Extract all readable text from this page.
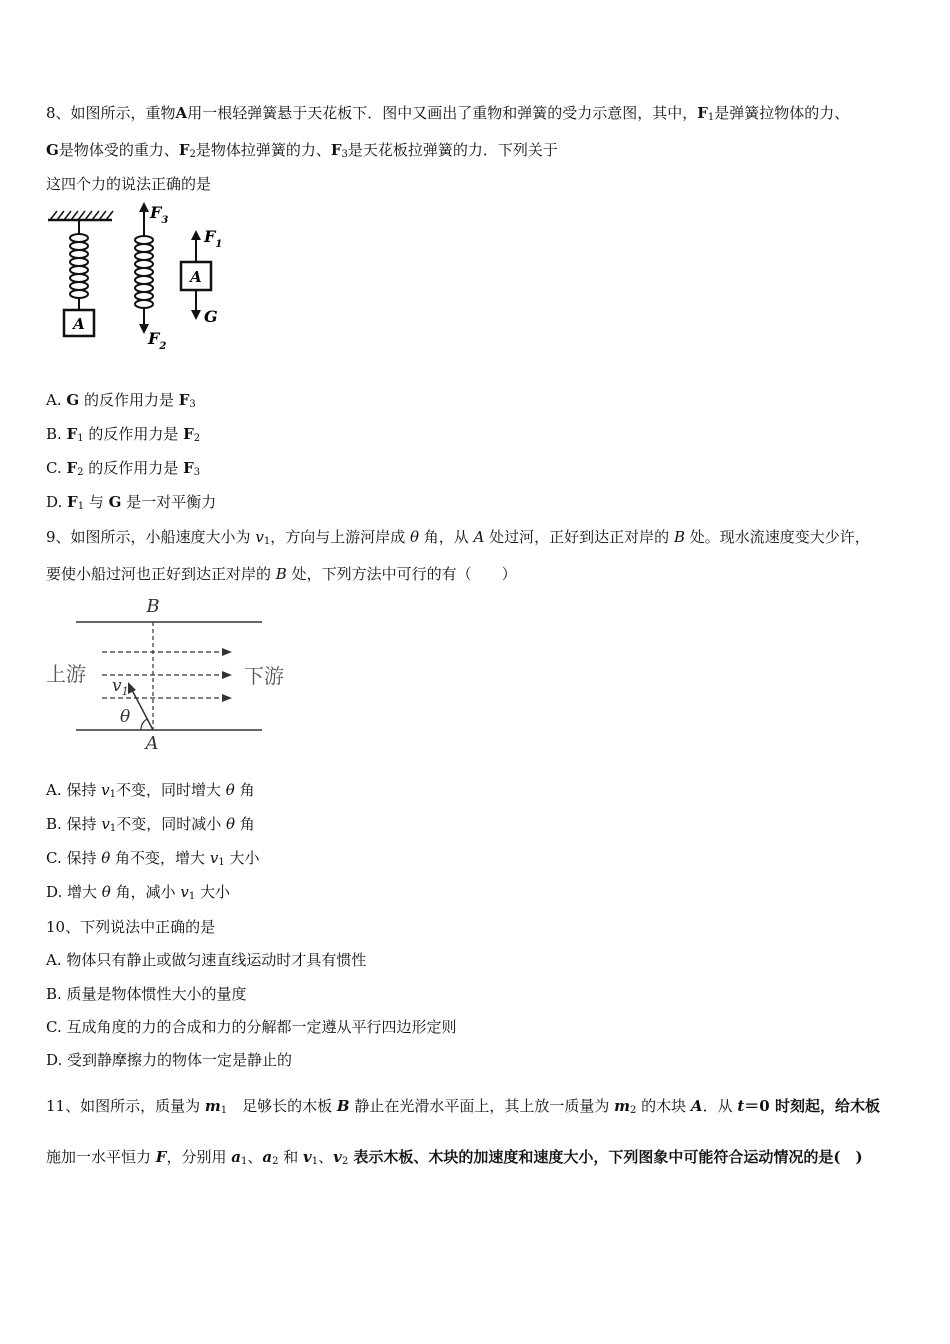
8、如图所示，重物A用一根轻弹簧悬于天花板下．图中又画出了重物和弹簧的受力示意图，其中，$F_1$是弹簧拉物体的力、
G是物体受的重力、$F_2$是物体拉弹簧的力、$F_3$是天花板拉弹簧的力．下列关于
这四个力的说法正确的是
A
$F_3$
$F_2$
$F_1$
A
G
A. G 的反作用力是 $F_3$
B. $F_1$ 的反作用力是 $F_2$
C. $F_2$ 的反作用力是 $F_3$
D. $F_1$ 与 G 是一对平衡力
9、如图所示，小船速度大小为 $v_1$，方向与上游河岸成 θ 角，从 A 处过河，正好到达正对岸的 B 处。现水流速度变大少许，
要使小船过河也正好到达正对岸的 B 处，下列方法中可行的有（　　）
B
上游	下游
$v_1$
θ
A
A. 保持 $v_1$不变，同时增大 θ 角
B. 保持 $v_1$不变，同时减小 θ 角
C. 保持 θ 角不变，增大 $v_1$ 大小
D. 增大 θ 角，减小 $v_1$ 大小
10、下列说法中正确的是
A. 物体只有静止或做匀速直线运动时才具有惯性
B. 质量是物体惯性大小的量度
C. 互成角度的力的合成和力的分解都一定遵从平行四边形定则
D. 受到静摩擦力的物体一定是静止的
11、如图所示，质量为 $m_1$　足够长的木板 B 静止在光滑水平面上，其上放一质量为 $m_2$ 的木块 A．从 t＝0 时刻起，给木板
施加一水平恒力 F，分别用 $a_1$、$a_2$ 和 $v_1$、$v_2$ 表示木板、木块的加速度和速度大小，下列图象中可能符合运动情况的是(　)
